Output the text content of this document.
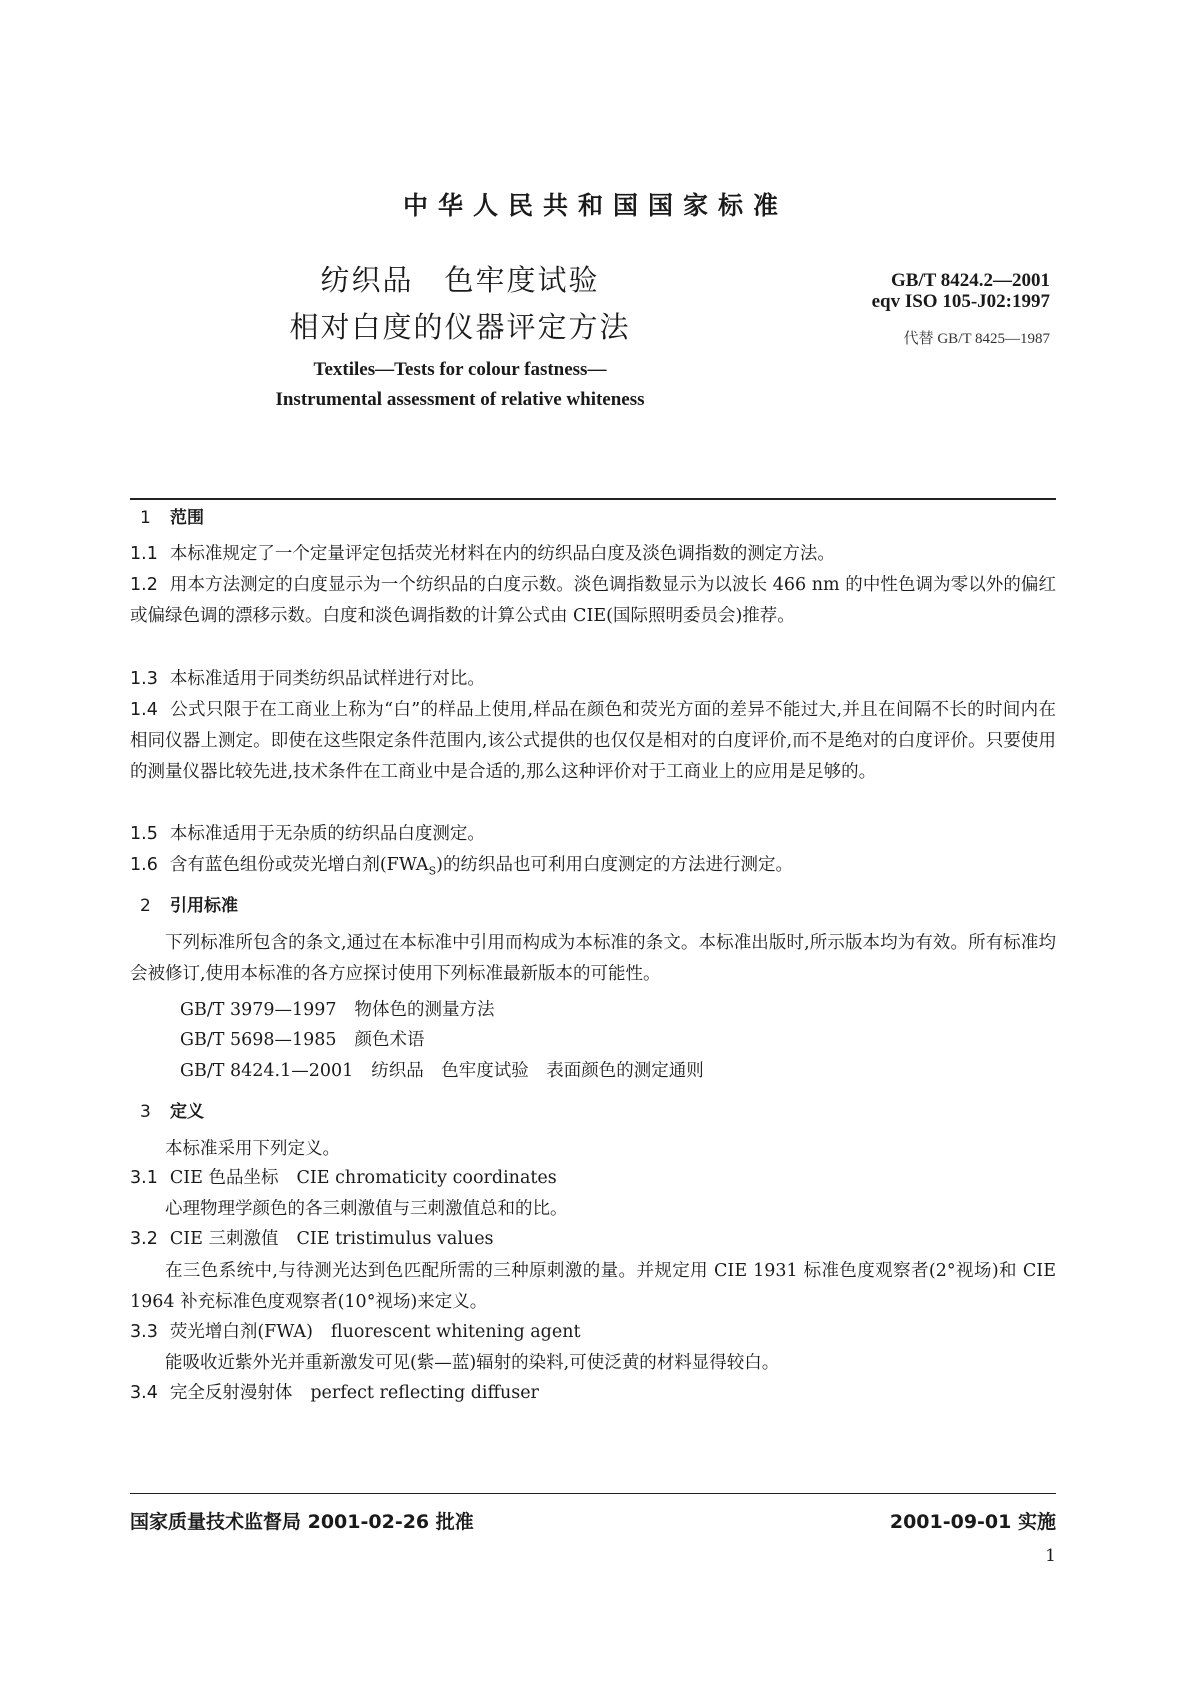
中华人民共和国国家标准
纺织品　色牢度试验
相对白度的仪器评定方法
GB/T 8424.2—2001
eqv ISO 105-J02:1997
代替 GB/T 8425—1987
Textiles—Tests for colour fastness—
Instrumental assessment of relative whiteness
1 范围
1.1 本标准规定了一个定量评定包括荧光材料在内的纺织品白度及淡色调指数的测定方法。
1.2 用本方法测定的白度显示为一个纺织品的白度示数。淡色调指数显示为以波长 466 nm 的中性色调为零以外的偏红或偏绿色调的漂移示数。白度和淡色调指数的计算公式由 CIE(国际照明委员会)推荐。
1.3 本标准适用于同类纺织品试样进行对比。
1.4 公式只限于在工商业上称为“白”的样品上使用,样品在颜色和荧光方面的差异不能过大,并且在间隔不长的时间内在相同仪器上测定。即使在这些限定条件范围内,该公式提供的也仅仅是相对的白度评价,而不是绝对的白度评价。只要使用的测量仪器比较先进,技术条件在工商业中是合适的,那么这种评价对于工商业上的应用是足够的。
1.5 本标准适用于无杂质的纺织品白度测定。
1.6 含有蓝色组份或荧光增白剂$(FWA_S)$的纺织品也可利用白度测定的方法进行测定。
2 引用标准
下列标准所包含的条文,通过在本标准中引用而构成为本标准的条文。本标准出版时,所示版本均为有效。所有标准均会被修订,使用本标准的各方应探讨使用下列标准最新版本的可能性。
GB/T 3979—1997 物体色的测量方法
GB/T 5698—1985 颜色术语
GB/T 8424.1—2001 纺织品　色牢度试验　表面颜色的测定通则
3 定义
本标准采用下列定义。
3.1 CIE 色品坐标 CIE chromaticity coordinates
心理物理学颜色的各三刺激值与三刺激值总和的比。
3.2 CIE 三刺激值 CIE tristimulus values
在三色系统中,与待测光达到色匹配所需的三种原刺激的量。并规定用 CIE 1931 标准色度观察者(2°视场)和 CIE 1964 补充标准色度观察者(10°视场)来定义。
3.3 荧光增白剂(FWA) fluorescent whitening agent
能吸收近紫外光并重新激发可见(紫—蓝)辐射的染料,可使泛黄的材料显得较白。
3.4 完全反射漫射体 perfect reflecting diffuser
国家质量技术监督局 2001-02-26 批准	2001-09-01 实施
1
